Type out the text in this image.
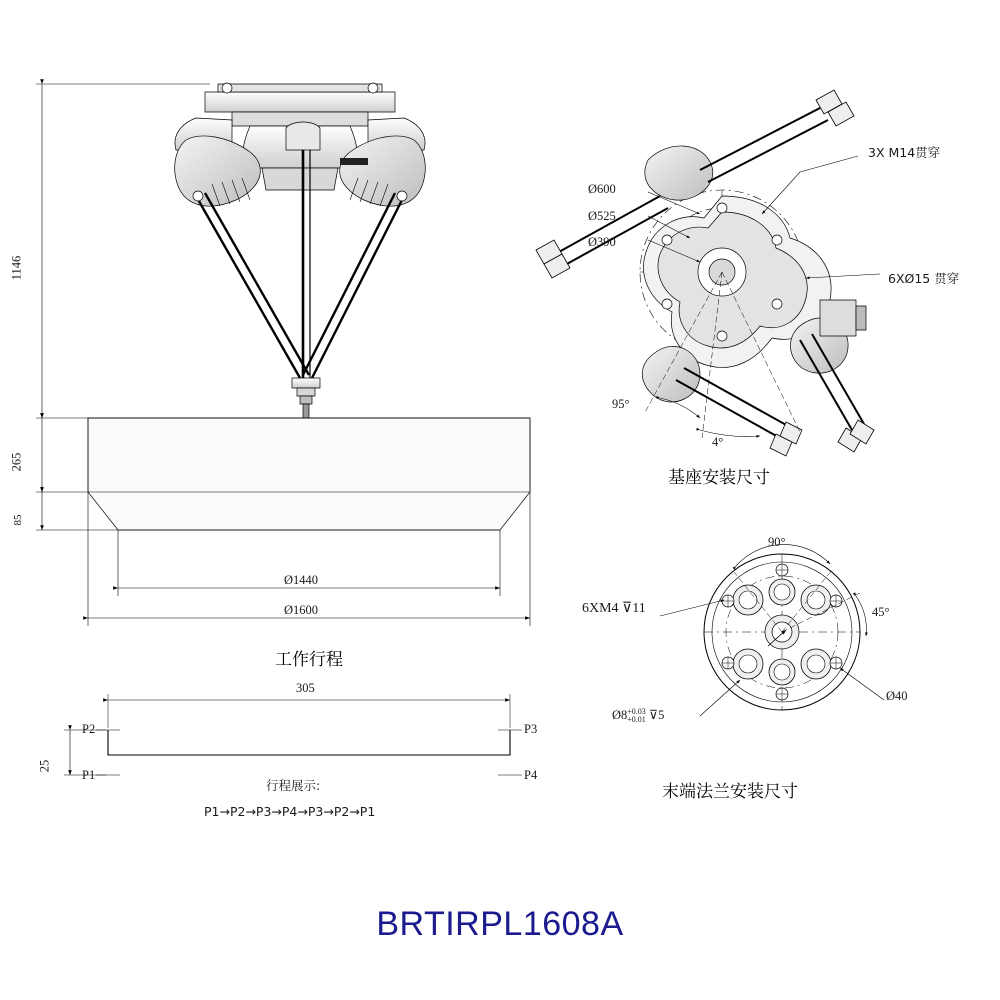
1146
265
85
Ø1440
Ø1600
工作行程
305
25
P2
P1
P3
P4
行程展示:
P1→P2→P3→P4→P3→P2→P1
3X M14贯穿
6XØ15 贯穿
Ø600
Ø525
Ø390
95°
4°
基座安装尺寸
90°
45°
6XM4 ⊽11
Ø8+0.03
+0.01 ⊽5
Ø40
末端法兰安装尺寸
BRTIRPL1608A
